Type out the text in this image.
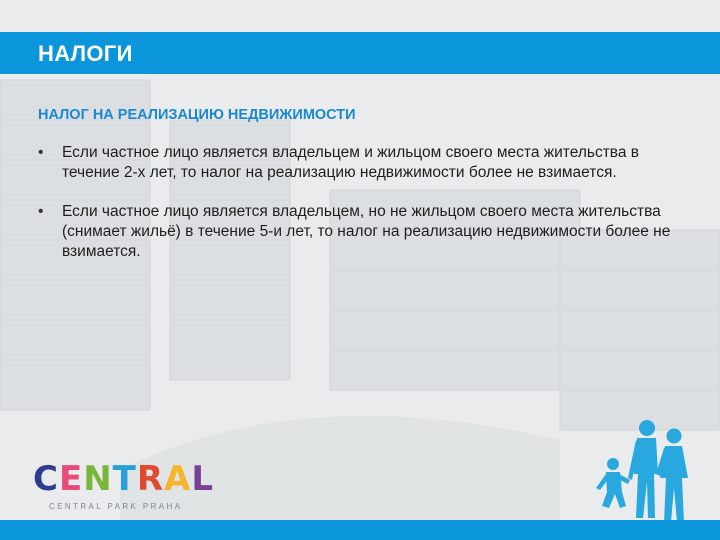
НАЛОГИ
НАЛОГ НА РЕАЛИЗАЦИЮ НЕДВИЖИМОСТИ
• Если частное лицо является владельцем и жильцом своего места жительства в течение 2-х лет, то налог на реализацию недвижимости более не взимается.
• Если частное лицо является владельцем, но не жильцом своего места жительства (снимает жильё) в течение 5-и лет, то налог на реализацию недвижимости более не взимается.
CENTRAL
CENTRAL PARK PRAHA
